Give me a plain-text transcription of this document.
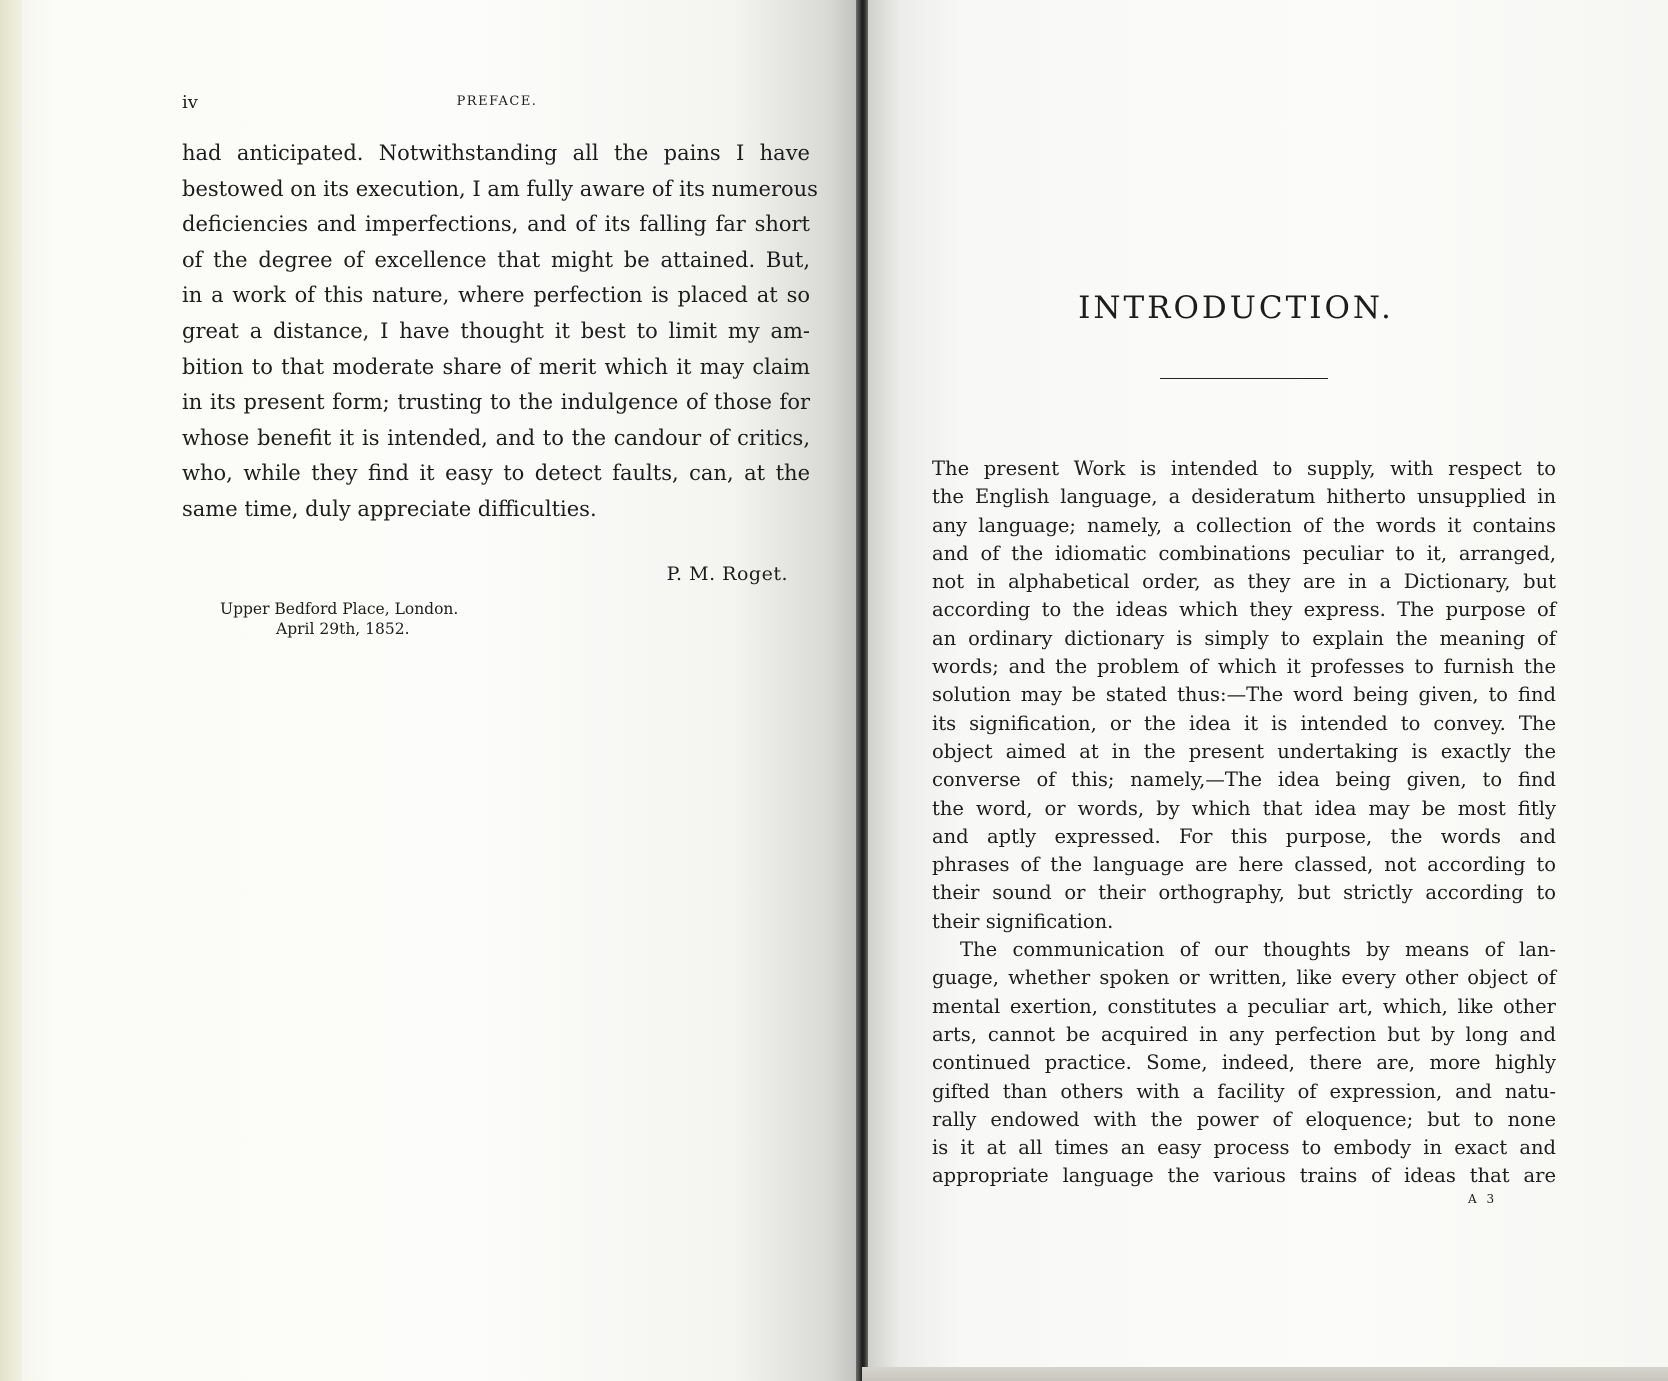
iv	PREFACE.
had anticipated. Notwithstanding all the pains I have
bestowed on its execution, I am fully aware of its numerous
deficiencies and imperfections, and of its falling far short
of the degree of excellence that might be attained. But,
in a work of this nature, where perfection is placed at so
great a distance, I have thought it best to limit my am-
bition to that moderate share of merit which it may claim
in its present form; trusting to the indulgence of those for
whose benefit it is intended, and to the candour of critics,
who, while they find it easy to detect faults, can, at the
same time, duly appreciate difficulties.
P. M. Roget.
Upper Bedford Place, London.
April 29th, 1852.
INTRODUCTION.
The present Work is intended to supply, with respect to
the English language, a desideratum hitherto unsupplied in
any language; namely, a collection of the words it contains
and of the idiomatic combinations peculiar to it, arranged,
not in alphabetical order, as they are in a Dictionary, but
according to the ideas which they express. The purpose of
an ordinary dictionary is simply to explain the meaning of
words; and the problem of which it professes to furnish the
solution may be stated thus:—The word being given, to find
its signification, or the idea it is intended to convey. The
object aimed at in the present undertaking is exactly the
converse of this; namely,—The idea being given, to find
the word, or words, by which that idea may be most fitly
and aptly expressed. For this purpose, the words and
phrases of the language are here classed, not according to
their sound or their orthography, but strictly according to
their signification.
The communication of our thoughts by means of lan-
guage, whether spoken or written, like every other object of
mental exertion, constitutes a peculiar art, which, like other
arts, cannot be acquired in any perfection but by long and
continued practice. Some, indeed, there are, more highly
gifted than others with a facility of expression, and natu-
rally endowed with the power of eloquence; but to none
is it at all times an easy process to embody in exact and
appropriate language the various trains of ideas that are
A 3
